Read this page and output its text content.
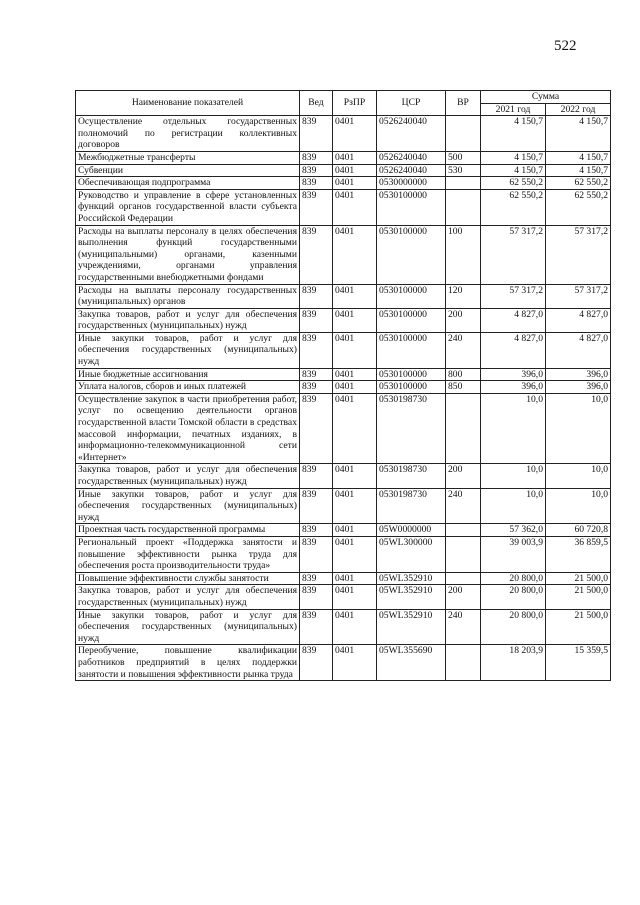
522
Наименование показателей	Вед	РзПР	ЦСР	ВР	Сумма	
					2021 год	2022 год
Осуществление отдельных государственных полномочий по регистрации коллективных договоров	839	0401	0526240040		4 150,7	4 150,7
Межбюджетные трансферты	839	0401	0526240040	500	4 150,7	4 150,7
Субвенции	839	0401	0526240040	530	4 150,7	4 150,7
Обеспечивающая подпрограмма	839	0401	0530000000		62 550,2	62 550,2
Руководство и управление в сфере установленных функций органов государственной власти субъекта Российской Федерации	839	0401	0530100000		62 550,2	62 550,2
Расходы на выплаты персоналу в целях обеспечения выполнения функций государственными (муниципальными) органами, казенными учреждениями, органами управления государственными внебюджетными фондами	839	0401	0530100000	100	57 317,2	57 317,2
Расходы на выплаты персоналу государственных (муниципальных) органов	839	0401	0530100000	120	57 317,2	57 317,2
Закупка товаров, работ и услуг для обеспечения государственных (муниципальных) нужд	839	0401	0530100000	200	4 827,0	4 827,0
Иные закупки товаров, работ и услуг для обеспечения государственных (муниципальных) нужд	839	0401	0530100000	240	4 827,0	4 827,0
Иные бюджетные ассигнования	839	0401	0530100000	800	396,0	396,0
Уплата налогов, сборов и иных платежей	839	0401	0530100000	850	396,0	396,0
Осуществление закупок в части приобретения работ, услуг по освещению деятельности органов государственной власти Томской области в средствах массовой информации, печатных изданиях, в информационно-телекоммуникационной сети «Интернет»	839	0401	0530198730		10,0	10,0
Закупка товаров, работ и услуг для обеспечения государственных (муниципальных) нужд	839	0401	0530198730	200	10,0	10,0
Иные закупки товаров, работ и услуг для обеспечения государственных (муниципальных) нужд	839	0401	0530198730	240	10,0	10,0
Проектная часть государственной программы	839	0401	05W0000000		57 362,0	60 720,8
Региональный проект «Поддержка занятости и повышение эффективности рынка труда для обеспечения роста производительности труда»	839	0401	05WL300000		39 003,9	36 859,5
Повышение эффективности службы занятости	839	0401	05WL352910		20 800,0	21 500,0
Закупка товаров, работ и услуг для обеспечения государственных (муниципальных) нужд	839	0401	05WL352910	200	20 800,0	21 500,0
Иные закупки товаров, работ и услуг для обеспечения государственных (муниципальных) нужд	839	0401	05WL352910	240	20 800,0	21 500,0
Переобучение, повышение квалификации работников предприятий в целях поддержки занятости и повышения эффективности рынка труда	839	0401	05WL355690		18 203,9	15 359,5
